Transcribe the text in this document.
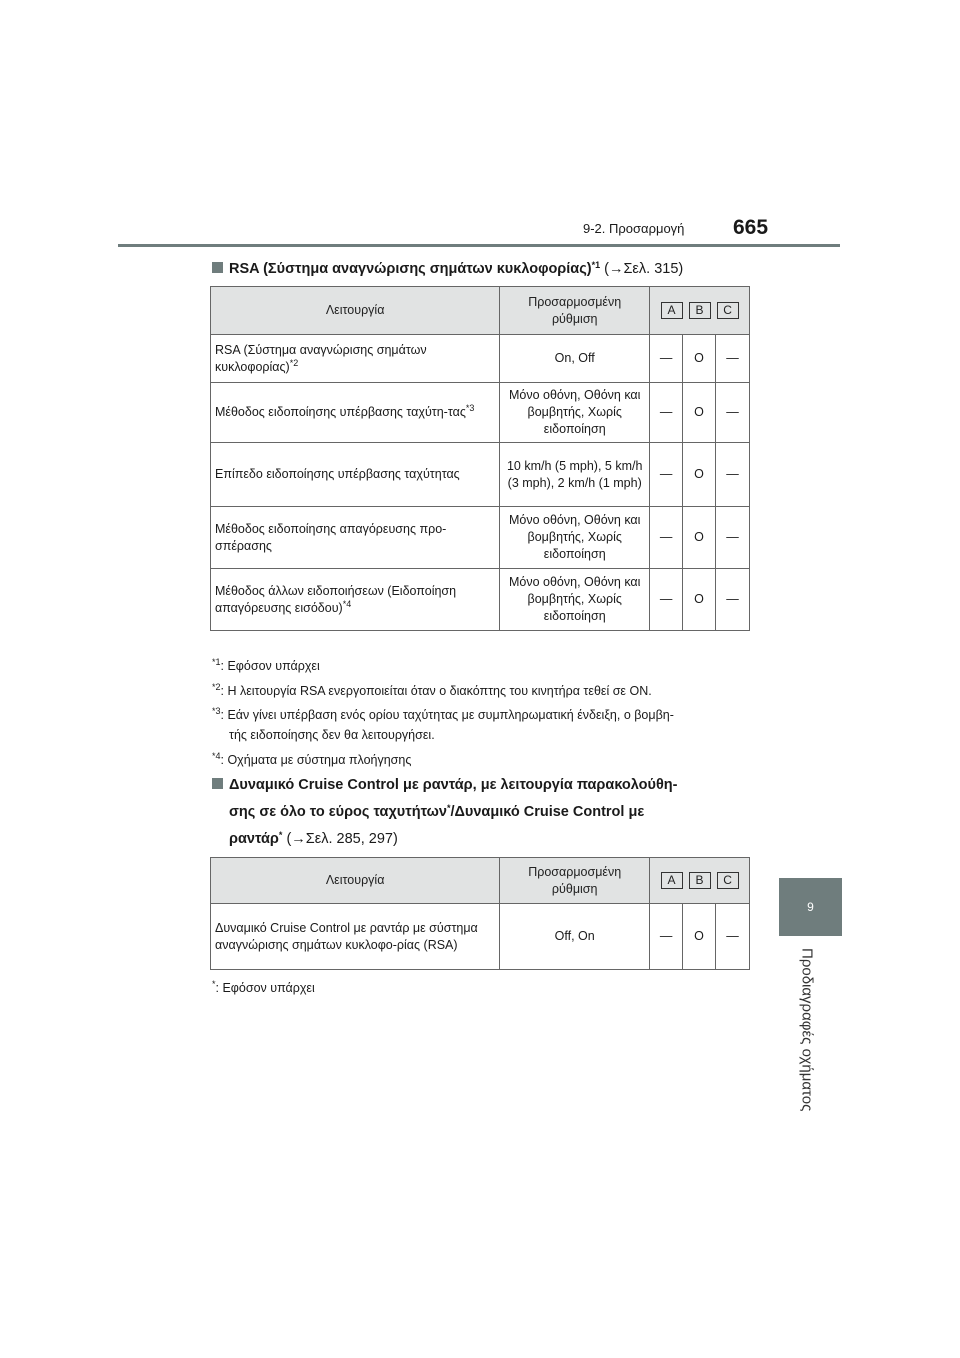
9-2. Προσαρμογή 665
9
Προδιαγραφές οχήματος
RSA (Σύστημα αναγνώρισης σημάτων κυκλοφορίας)$^{*1}$ (→Σελ. 315)
Λειτουργία	Προσαρμοσμένη ρύθμιση	A B C		
RSA (Σύστημα αναγνώρισης σημάτων κυκλοφορίας)$^{*2}$	On, Off	—	O	—
Μέθοδος ειδοποίησης υπέρβασης ταχύτη-τας$^{*3}$	Μόνο οθόνη, Οθόνη και βομβητής, Χωρίς ειδοποίηση	—	O	—
Επίπεδο ειδοποίησης υπέρβασης ταχύτητας	10 km/h (5 mph), 5 km/h (3 mph), 2 km/h (1 mph)	—	O	—
Μέθοδος ειδοποίησης απαγόρευσης προ-σπέρασης	Μόνο οθόνη, Οθόνη και βομβητής, Χωρίς ειδοποίηση	—	O	—
Μέθοδος άλλων ειδοποιήσεων (Ειδοποίηση απαγόρευσης εισόδου)$^{*4}$	Μόνο οθόνη, Οθόνη και βομβητής, Χωρίς ειδοποίηση	—	O	—
$^{*1}$: Εφόσον υπάρχει
$^{*2}$: Η λειτουργία RSA ενεργοποιείται όταν ο διακόπτης του κινητήρα τεθεί σε ON.
$^{*3}$: Εάν γίνει υπέρβαση ενός ορίου ταχύτητας με συμπληρωματική ένδειξη, ο βομβη-
τής ειδοποίησης δεν θα λειτουργήσει.
$^{*4}$: Οχήματα με σύστημα πλοήγησης
Δυναμικό Cruise Control με ραντάρ, με λειτουργία παρακολούθη-
σης σε όλο το εύρος ταχυτήτων*/Δυναμικό Cruise Control με
ραντάρ* (→Σελ. 285, 297)
Λειτουργία	Προσαρμοσμένη ρύθμιση	A B C		
Δυναμικό Cruise Control με ραντάρ με σύστημα αναγνώρισης σημάτων κυκλοφο-ρίας (RSA)	Off, On	—	O	—
*: Εφόσον υπάρχει
